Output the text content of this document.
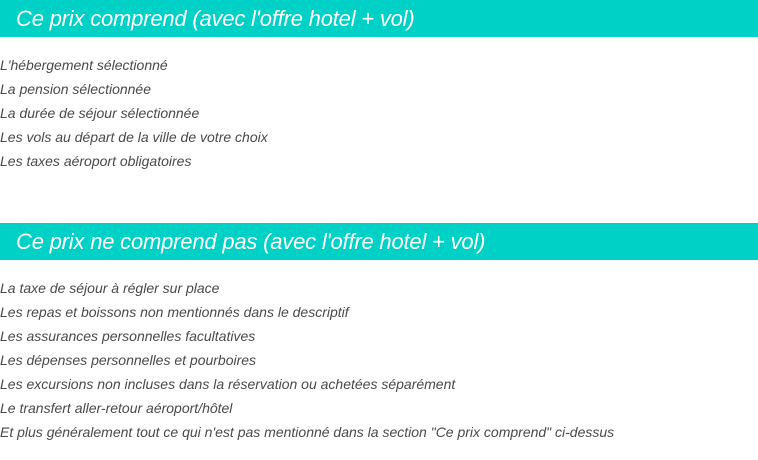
Ce prix comprend (avec l'offre hotel + vol)
L'hébergement sélectionné
La pension sélectionnée
La durée de séjour sélectionnée
Les vols au départ de la ville de votre choix
Les taxes aéroport obligatoires
Ce prix ne comprend pas (avec l'offre hotel + vol)
La taxe de séjour à régler sur place
Les repas et boissons non mentionnés dans le descriptif
Les assurances personnelles facultatives
Les dépenses personnelles et pourboires
Les excursions non incluses dans la réservation ou achetées séparément
Le transfert aller-retour aéroport/hôtel
Et plus généralement tout ce qui n'est pas mentionné dans la section "Ce prix comprend" ci-dessus
